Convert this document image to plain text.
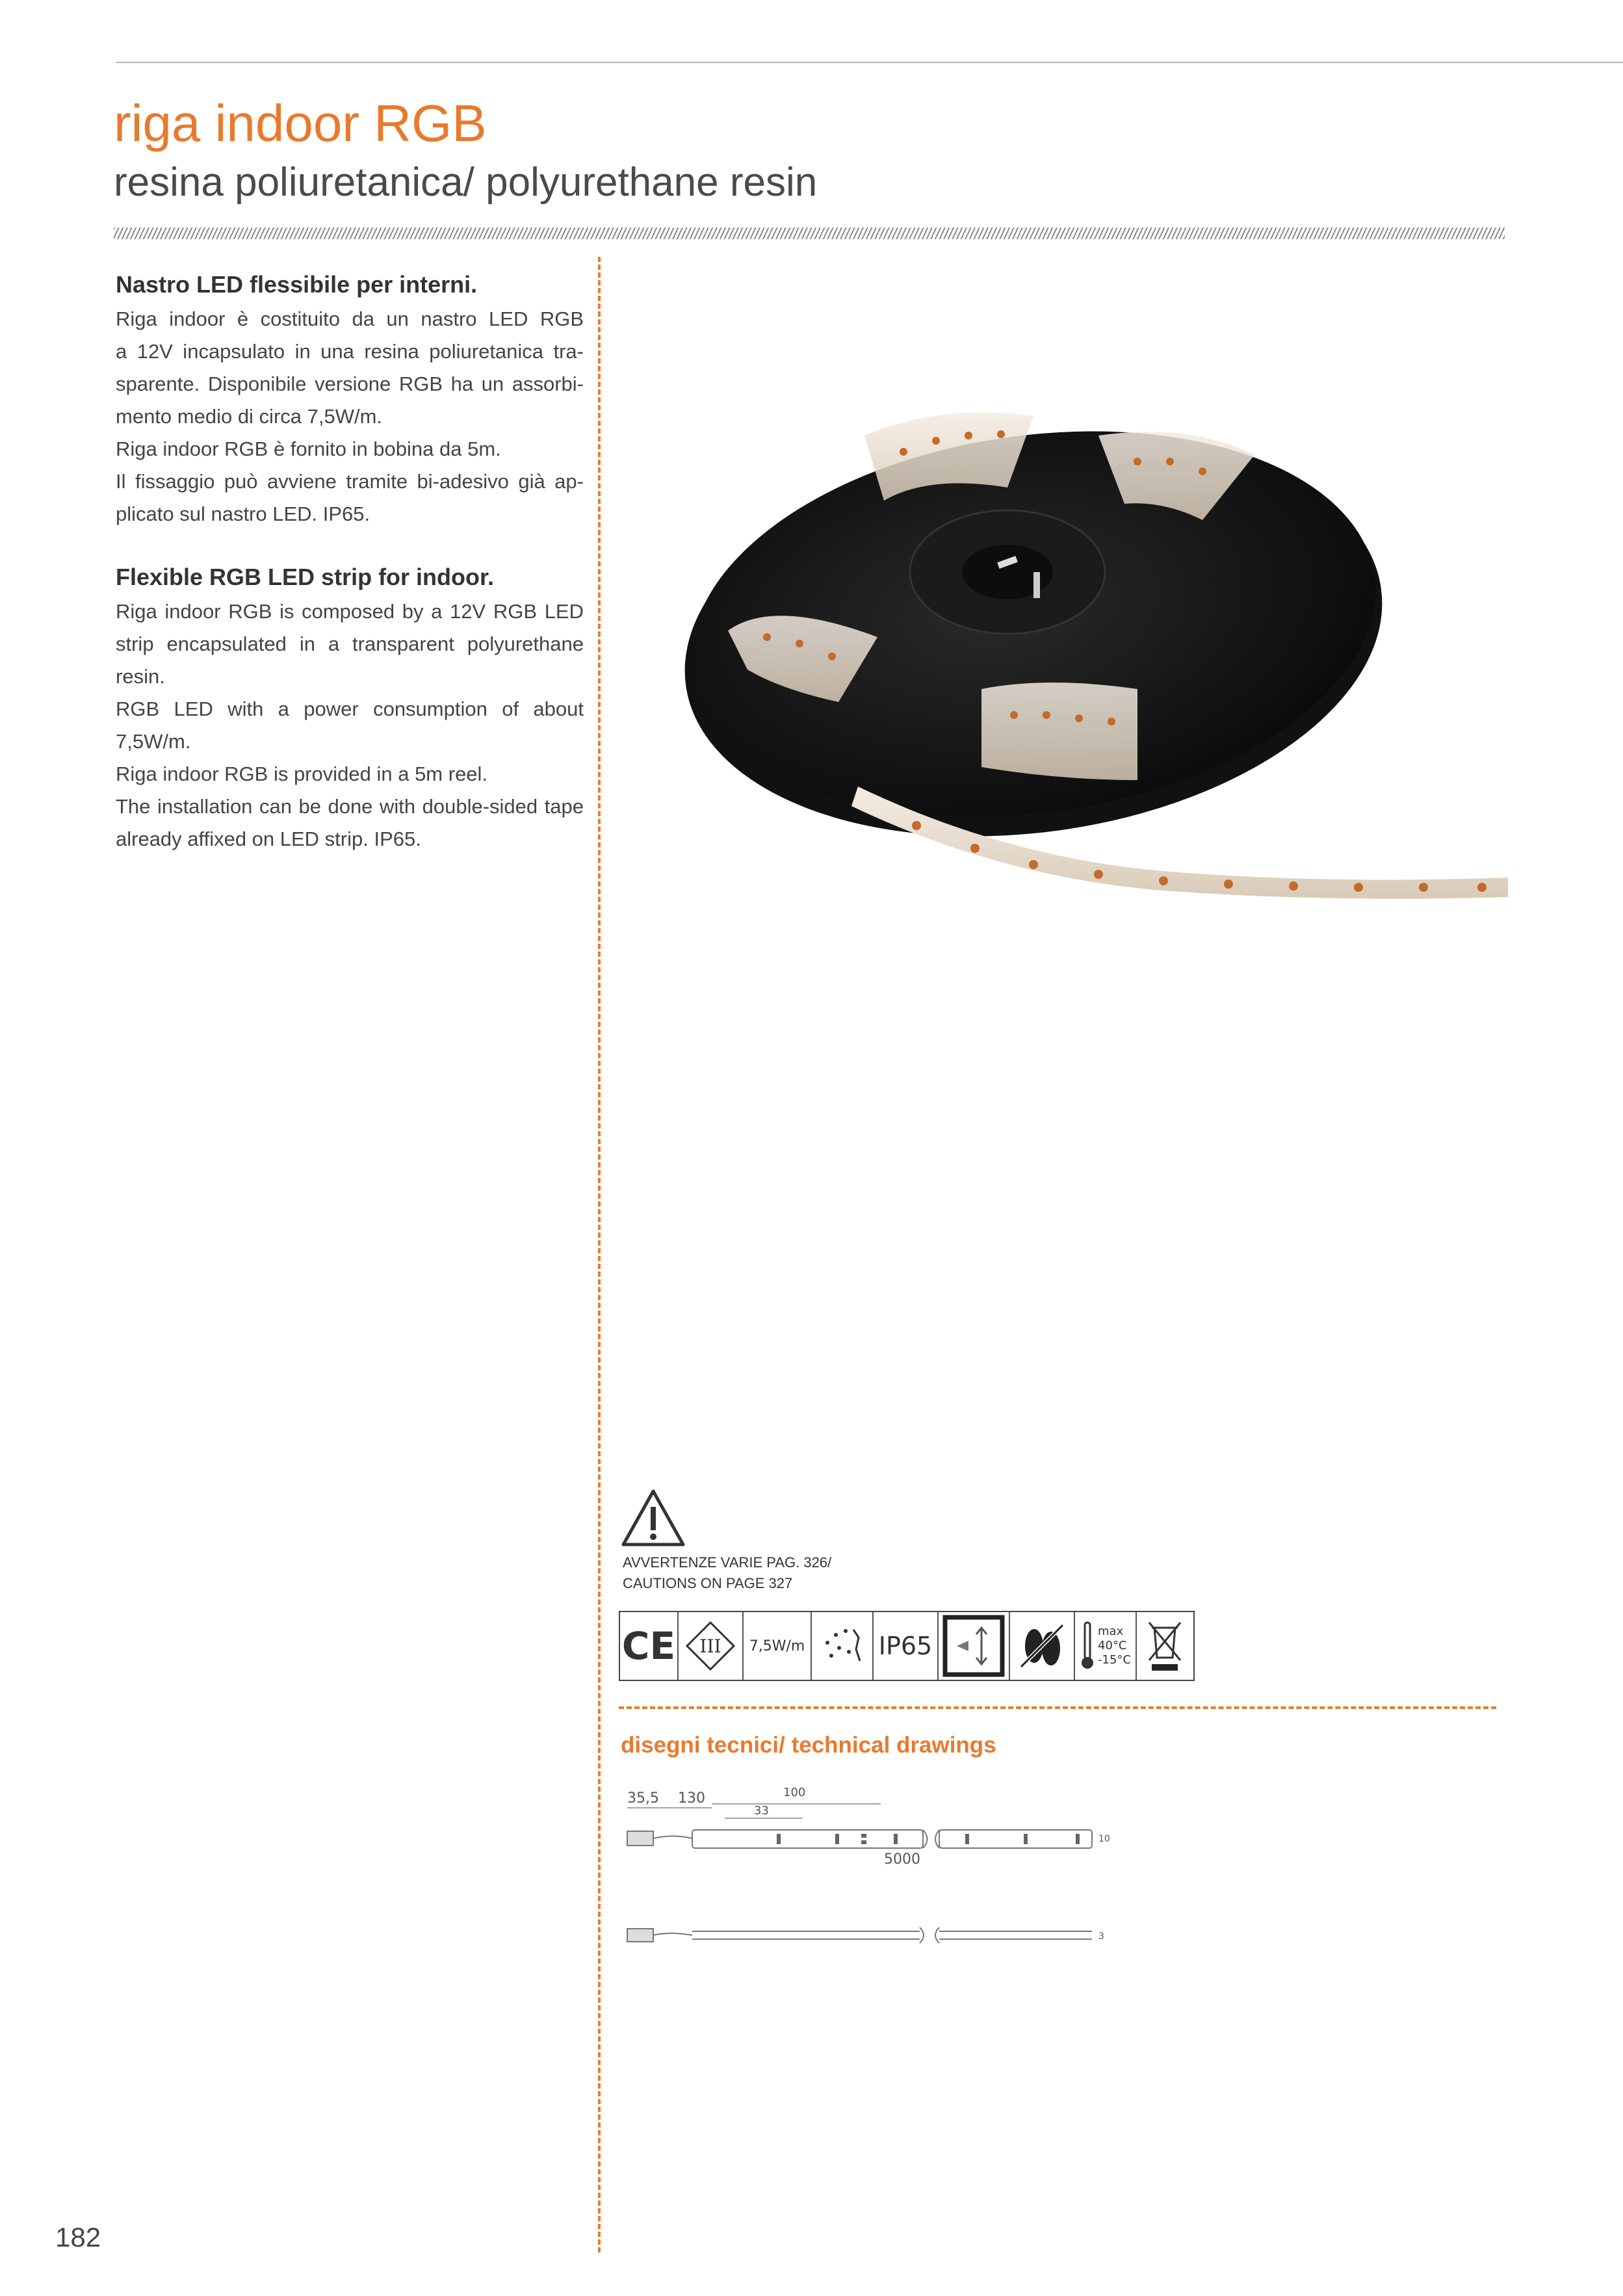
riga indoor RGB
resina poliuretanica/ polyurethane resin

Nastro LED flessibile per interni.

Riga indoor è costituito da un nastro LED RGB

a 12V incapsulato in una resina poliuretanica tra-

sparente. Disponibile versione RGB ha un assorbi-

mento medio di circa 7,5W/m.

Riga indoor RGB è fornito in bobina da 5m.

Il fissaggio può avviene tramite bi-adesivo già ap-

plicato sul nastro LED. IP65.

Flexible RGB LED strip for indoor.

Riga indoor RGB is composed by a 12V RGB LED

strip encapsulated in a transparent polyurethane

resin.

RGB LED with a power consumption of about

7,5W/m.

Riga indoor RGB is provided in a 5m reel.

The installation can be done with double-sided tape

already affixed on LED strip. IP65.

AVVERTENZE VARIE PAG. 326/
CAUTIONS ON PAGE 327
CE III	7,5W/m	IP65
max
40°C
-15°C
disegni tecnici/ technical drawings
35,5 130	100
33
5000
10
3
182
